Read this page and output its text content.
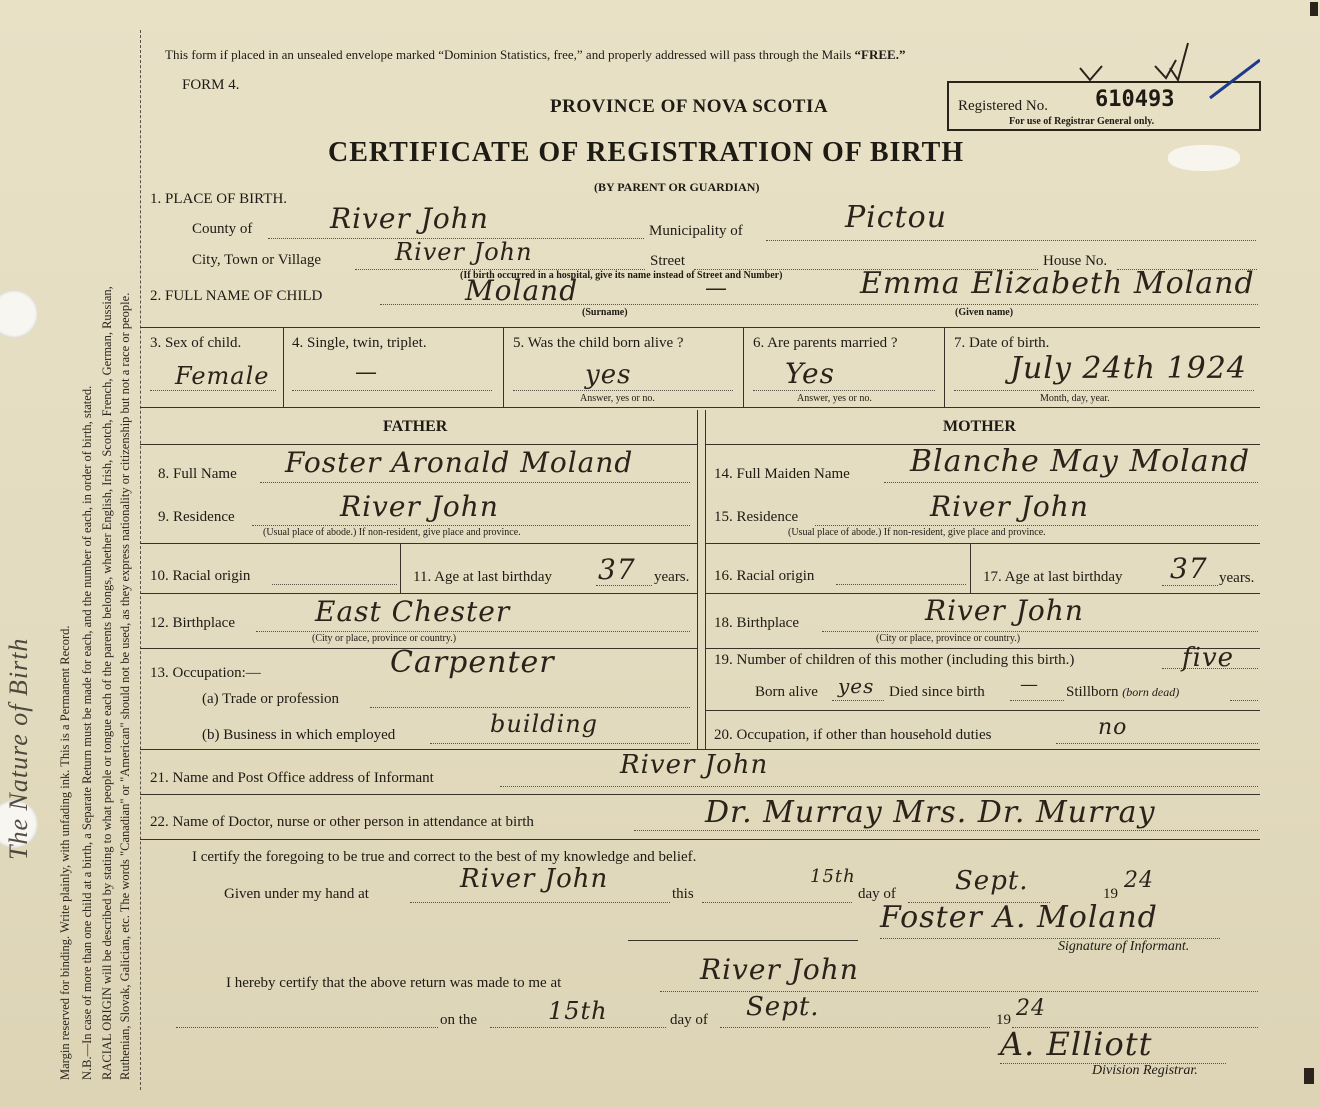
The Nature of Birth Margin reserved for binding. Write plainly, with unfading ink. This is a Permanent Record. N.B.—In case of more than one child at a birth, a Separate Return must be made for each, and the number of each, in order of birth, stated. RACIAL ORIGIN will be described by stating to what people or tongue each of the parents belongs, whether English, Irish, Scotch, French, German, Russian, Ruthenian, Slovak, Galician, etc. The words "Canadian" or "American" should not be used, as they express nationality or citizenship but not a race or people.
This form if placed in an unsealed envelope marked “Dominion Statistics, free,” and properly addressed will pass through the Mails “FREE.”
FORM 4.
PROVINCE OF NOVA SCOTIA	Registered No. 610493
For use of Registrar General only.
CERTIFICATE OF REGISTRATION OF BIRTH
(BY PARENT OR GUARDIAN)
1. PLACE OF BIRTH.
County of	River John	Municipality of	Pictou
City, Town or Village	River John	Street	House No.
(If birth occurred in a hospital, give its name instead of Street and Number)
2. FULL NAME OF CHILD	Moland	—	Emma Elizabeth Moland
(Surname)	(Given name)
3. Sex of child.
Female
4. Single, twin, triplet.
—
5. Was the child born alive ?
yes
Answer, yes or no.
6. Are parents married ?
Yes
Answer, yes or no.
7. Date of birth.
July 24th 1924
Month, day, year.
FATHER	MOTHER
8. Full Name Foster Aronald Moland	14. Full Maiden Name Blanche May Moland
9. Residence	River John
(Usual place of abode.) If non-resident, give place and province.
15. Residence	River John
(Usual place of abode.) If non-resident, give place and province.
10. Racial origin	11. Age at last birthday 37 years. 16. Racial origin	17. Age at last birthday 37 years.
12. Birthplace	East Chester
(City or place, province or country.)
18. Birthplace	River John
(City or place, province or country.)
13. Occupation:—	Carpenter
(a) Trade or profession
(b) Business in which employed	building
19. Number of children of this mother (including this birth.)	five
Born alive yes Died since birth — Stillborn (born dead)
20. Occupation, if other than household duties	no
21. Name and Post Office address of Informant	River John
22. Name of Doctor, nurse or other person in attendance at birth	Dr. Murray Mrs. Dr. Murray
I certify the foregoing to be true and correct to the best of my knowledge and belief.
Given under my hand at	River John	this
15th
day of Sept.	19
24
Foster A. Moland
Signature of Informant.
I hereby certify that the above return was made to me at	River John
on the	15th	day of Sept.	19 24
A. Elliott
Division Registrar.
